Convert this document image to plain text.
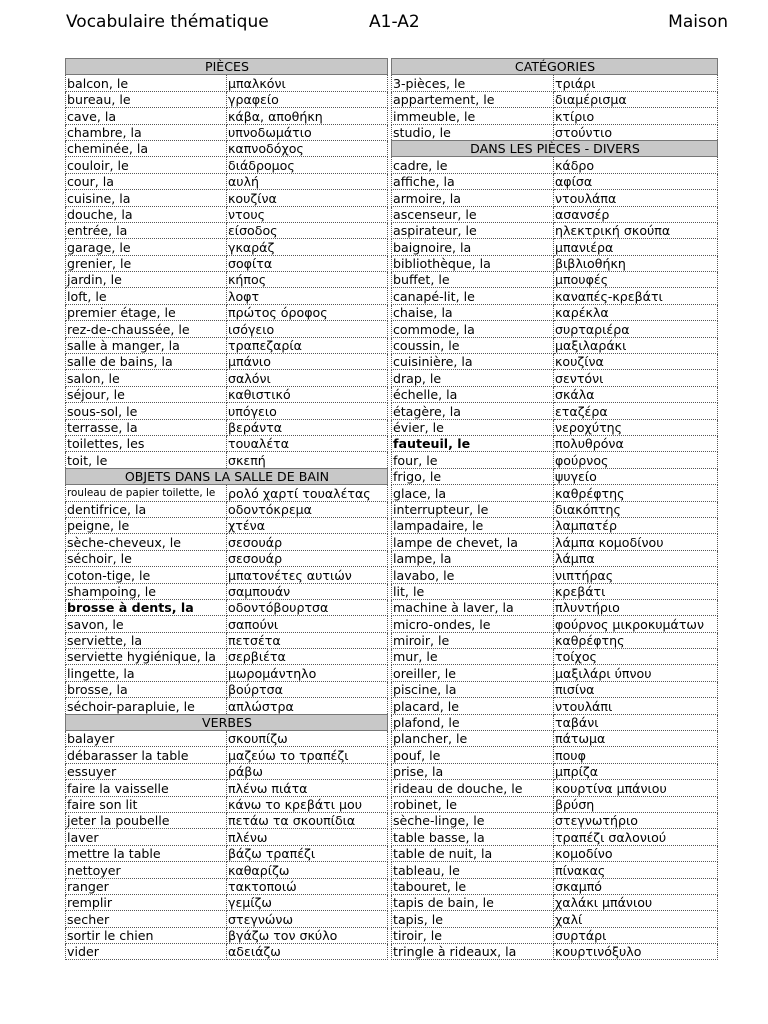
Vocabulaire thématique	A1-A2	Maison
PIÈCES	
balcon, le	μπαλκόνι
bureau, le	γραφείο
cave, la	κάβα, αποθήκη
chambre, la	υπνοδωμάτιο
cheminée, la	καπνοδόχος
couloir, le	διάδρομος
cour, la	αυλή
cuisine, la	κουζίνα
douche, la	ντους
entrée, la	είσοδος
garage, le	γκαράζ
grenier, le	σοφίτα
jardin, le	κήπος
loft, le	λοφτ
premier étage, le	πρώτος όροφος
rez-de-chaussée, le	ισόγειο
salle à manger, la	τραπεζαρία
salle de bains, la	μπάνιο
salon, le	σαλόνι
séjour, le	καθιστικό
sous-sol, le	υπόγειο
terrasse, la	βεράντα
toilettes, les	τουαλέτα
toit, le	σκεπή
OBJETS DANS LA SALLE DE BAIN	
rouleau de papier toilette, le	ρολό χαρτί τουαλέτας
dentifrice, la	οδοντόκρεμα
peigne, le	χτένα
sèche-cheveux, le	σεσουάρ
séchoir, le	σεσουάρ
coton-tige, le	μπατονέτες αυτιών
shampoing, le	σαμπουάν
brosse à dents, la	οδοντόβουρτσα
savon, le	σαπούνι
serviette, la	πετσέτα
serviette hygiénique, la	σερβιέτα
lingette, la	μωρομάντηλο
brosse, la	βούρτσα
séchoir-parapluie, le	απλώστρα
VERBES	
balayer	σκουπίζω
débarasser la table	μαζεύω το τραπέζι
essuyer	ράβω
faire la vaisselle	πλένω πιάτα
faire son lit	κάνω το κρεβάτι μου
jeter la poubelle	πετάω τα σκουπίδια
laver	πλένω
mettre la table	βάζω τραπέζι
nettoyer	καθαρίζω
ranger	τακτοποιώ
remplir	γεμίζω
secher	στεγνώνω
sortir le chien	βγάζω τον σκύλο
vider	αδειάζω
CATÉGORIES	
3-pièces, le	τριάρι
appartement, le	διαμέρισμα
immeuble, le	κτίριο
studio, le	στούντιο
DANS LES PIÈCES - DIVERS	
cadre, le	κάδρο
affiche, la	αφίσα
armoire, la	ντουλάπα
ascenseur, le	ασανσέρ
aspirateur, le	ηλεκτρική σκούπα
baignoire, la	μπανιέρα
bibliothèque, la	βιβλιοθήκη
buffet, le	μπουφές
canapé-lit, le	καναπές-κρεβάτι
chaise, la	καρέκλα
commode, la	συρταριέρα
coussin, le	μαξιλαράκι
cuisinière, la	κουζίνα
drap, le	σεντόνι
échelle, la	σκάλα
étagère, la	εταζέρα
évier, le	νεροχύτης
fauteuil, le	πολυθρόνα
four, le	φούρνος
frigo, le	ψυγείο
glace, la	καθρέφτης
interrupteur, le	διακόπτης
lampadaire, le	λαμπατέρ
lampe de chevet, la	λάμπα κομοδίνου
lampe, la	λάμπα
lavabo, le	νιπτήρας
lit, le	κρεβάτι
machine à laver, la	πλυντήριο
micro-ondes, le	φούρνος μικροκυμάτων
miroir, le	καθρέφτης
mur, le	τοίχος
oreiller, le	μαξιλάρι ύπνου
piscine, la	πισίνα
placard, le	ντουλάπι
plafond, le	ταβάνι
plancher, le	πάτωμα
pouf, le	πουφ
prise, la	μπρίζα
rideau de douche, le	κουρτίνα μπάνιου
robinet, le	βρύση
sèche-linge, le	στεγνωτήριο
table basse, la	τραπέζι σαλονιού
table de nuit, la	κομοδίνο
tableau, le	πίνακας
tabouret, le	σκαμπό
tapis de bain, le	χαλάκι μπάνιου
tapis, le	χαλί
tiroir, le	συρτάρι
tringle à rideaux, la	κουρτινόξυλο
